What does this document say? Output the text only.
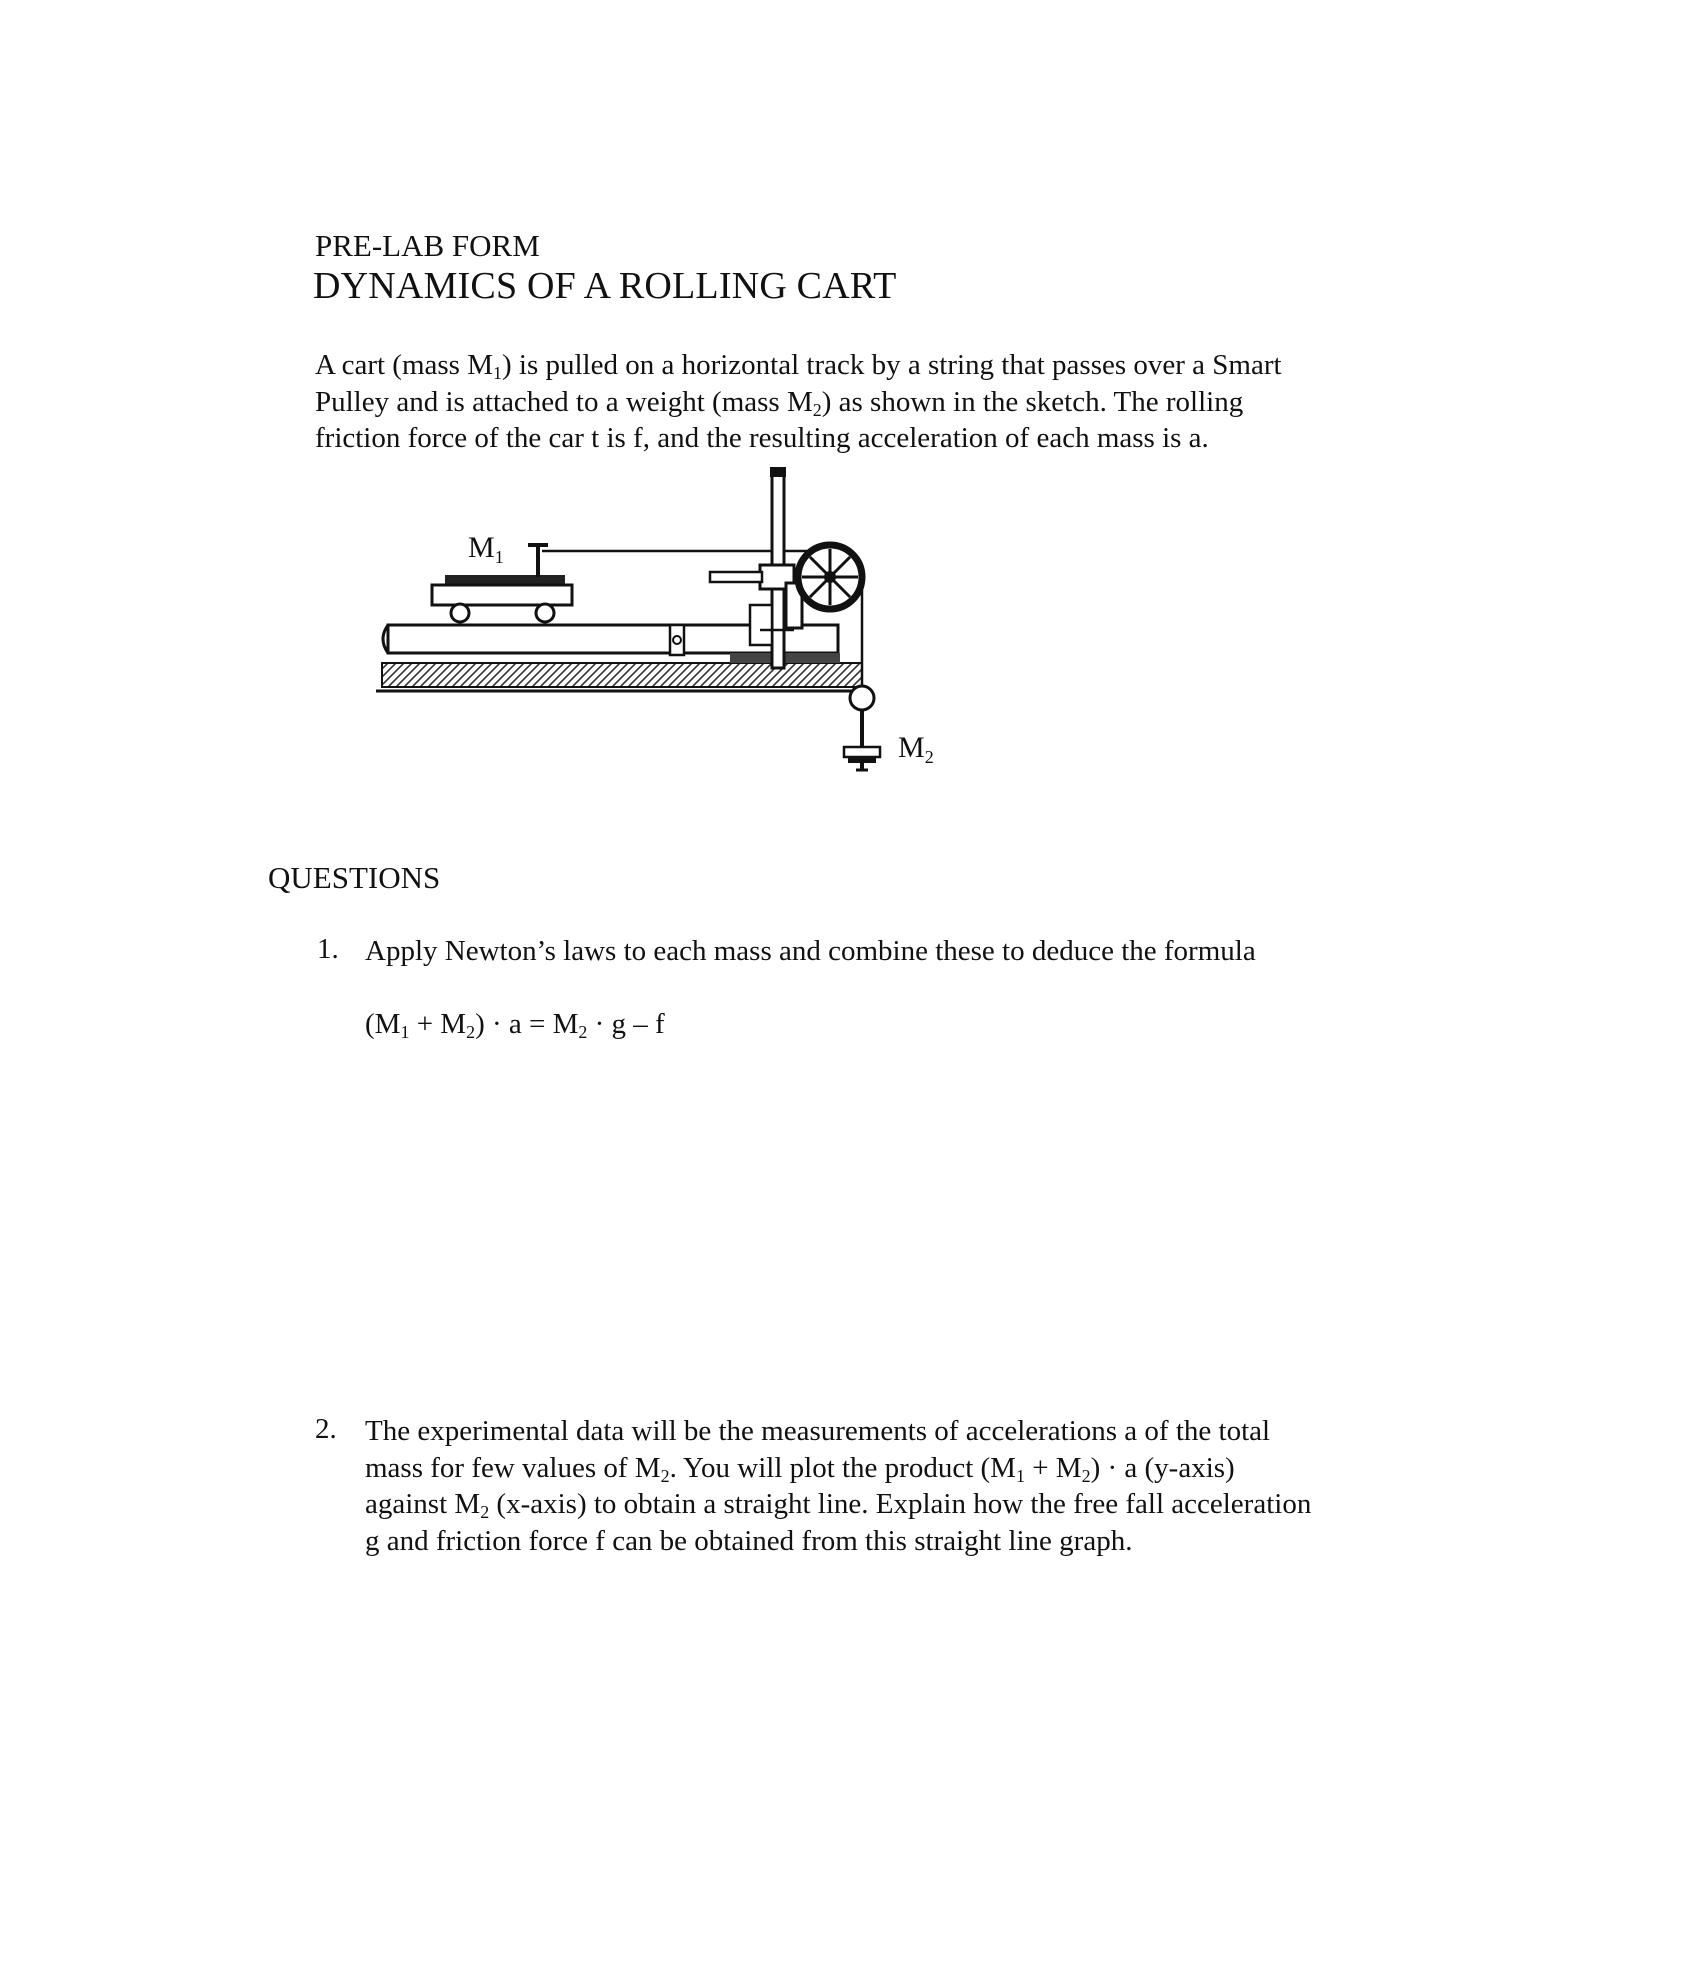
PRE-LAB FORM
DYNAMICS OF A ROLLING CART

A cart (mass $M_1$) is pulled on a horizontal track by a string that passes over a Smart

Pulley and is attached to a weight (mass $M_2$) as shown in the sketch. The rolling

friction force of the car t is f, and the resulting acceleration of each mass is a.

$M_1$
$M_2$
QUESTIONS
1. Apply Newton’s laws to each mass and combine these to deduce the formula

$(M_1 + M_2) \cdot a = M_2 \cdot g - f$
2. The experimental data will be the measurements of accelerations a of the total

mass for few values of $M_2$. You will plot the product $(M_1 + M_2) \cdot a$ (y-axis)

against $M_2$ (x-axis) to obtain a straight line. Explain how the free fall acceleration

g and friction force f can be obtained from this straight line graph.
